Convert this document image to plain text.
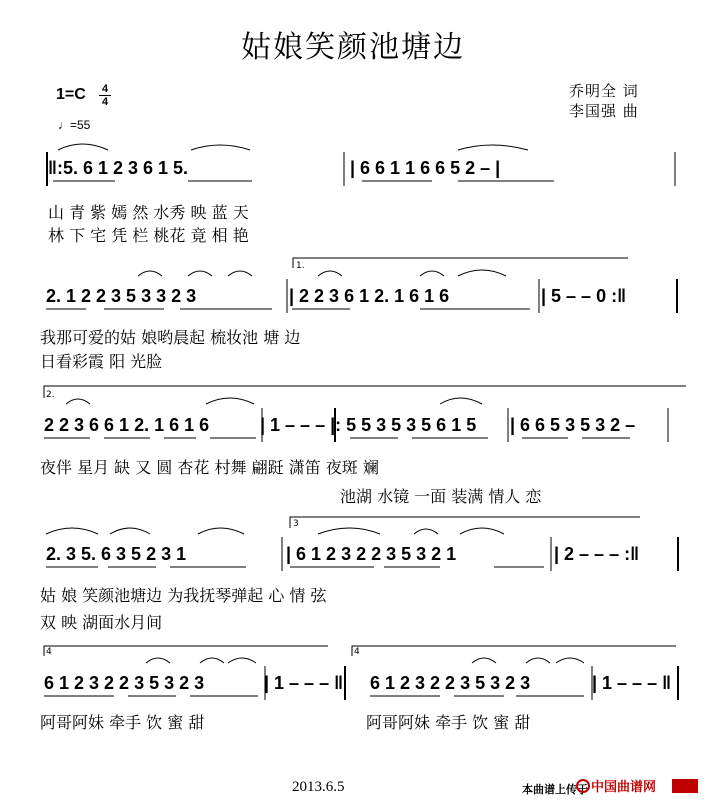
姑娘笑颜池塘边
1=C 4
4
♩=55
乔明全 词
李国强 曲
‖:5. 6 1 2 3 6 1 5.	| 6 6 1 1 6 6 5 2 – |
山 青 紫 嫣 然 水秀 映 蓝 天
林 下 宅 凭 栏 桃花 竟 相 艳
1.
2. 1 2 2 3 5 3 3 2 3	| 2 2 3 6 1 2. 1 6 1 6	| 5 – – 0 :‖
我那可爱的姑 娘哟晨起 梳妆池 塘 边
日看彩霞 阳 光脸
2.
2 2 3 6 6 1 2. 1 6 1 6	| 1 – – – |: 5 5 3 5 3 5 6 1 5 | 6 6 5 3 5 3 2 –
夜伴 星月 缺 又 圆 杏花 村舞 翩跹 潇笛 夜斑 斓
池湖 水镜 一面 装满 情人 恋
3
2. 3 5. 6 3 5 2 3 1	| 6 1 2 3 2 2 3 5 3 2 1	| 2 – – – :‖
姑 娘 笑颜池塘边 为我抚琴弹起 心 情 弦
双 映 湖面水月间
4	4
6 1 2 3 2 2 3 5 3 2 3	| 1 – – – ‖ 6 1 2 3 2 2 3 5 3 2 3	| 1 – – – ‖
阿哥阿妹 牵手 饮 蜜 甜	阿哥阿妹 牵手 饮 蜜 甜
2013.6.5	本曲谱上传于 中国曲谱网
